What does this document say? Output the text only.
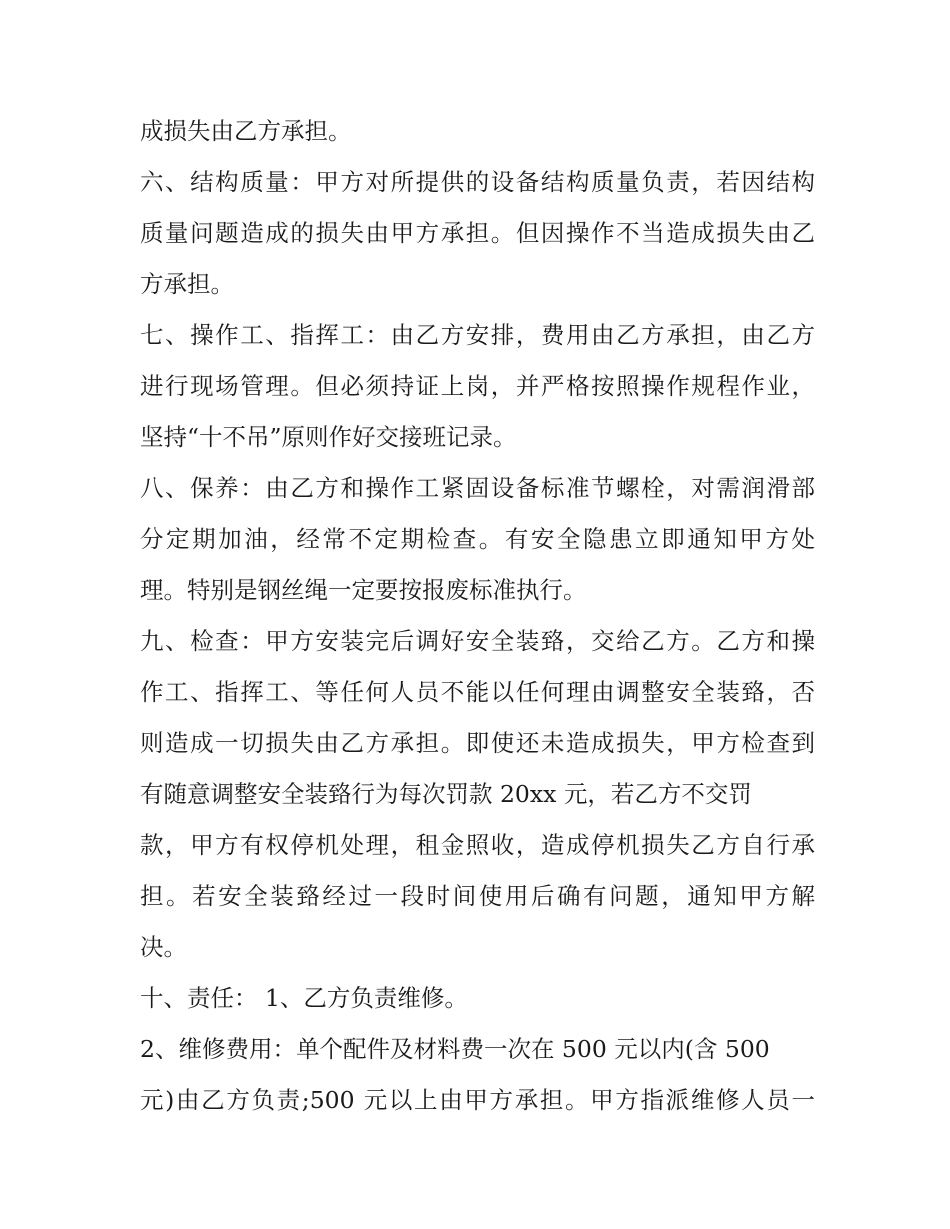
成损失由乙方承担。
六、结构质量：甲方对所提供的设备结构质量负责，若因结构
质量问题造成的损失由甲方承担。但因操作不当造成损失由乙
方承担。
七、操作工、指挥工：由乙方安排，费用由乙方承担，由乙方
进行现场管理。但必须持证上岗，并严格按照操作规程作业，
坚持“十不吊”原则作好交接班记录。
八、保养：由乙方和操作工紧固设备标准节螺栓，对需润滑部
分定期加油，经常不定期检查。有安全隐患立即通知甲方处
理。特别是钢丝绳一定要按报废标准执行。
九、检查：甲方安装完后调好安全装臵，交给乙方。乙方和操
作工、指挥工、等任何人员不能以任何理由调整安全装臵，否
则造成一切损失由乙方承担。即使还未造成损失，甲方检查到
有随意调整安全装臵行为每次罚款 20xx 元，若乙方不交罚
款，甲方有权停机处理，租金照收，造成停机损失乙方自行承
担。若安全装臵经过一段时间使用后确有问题，通知甲方解
决。
十、责任： 1、乙方负责维修。
2、维修费用：单个配件及材料费一次在 500 元以内(含 500
元)由乙方负责;500 元以上由甲方承担。甲方指派维修人员一
